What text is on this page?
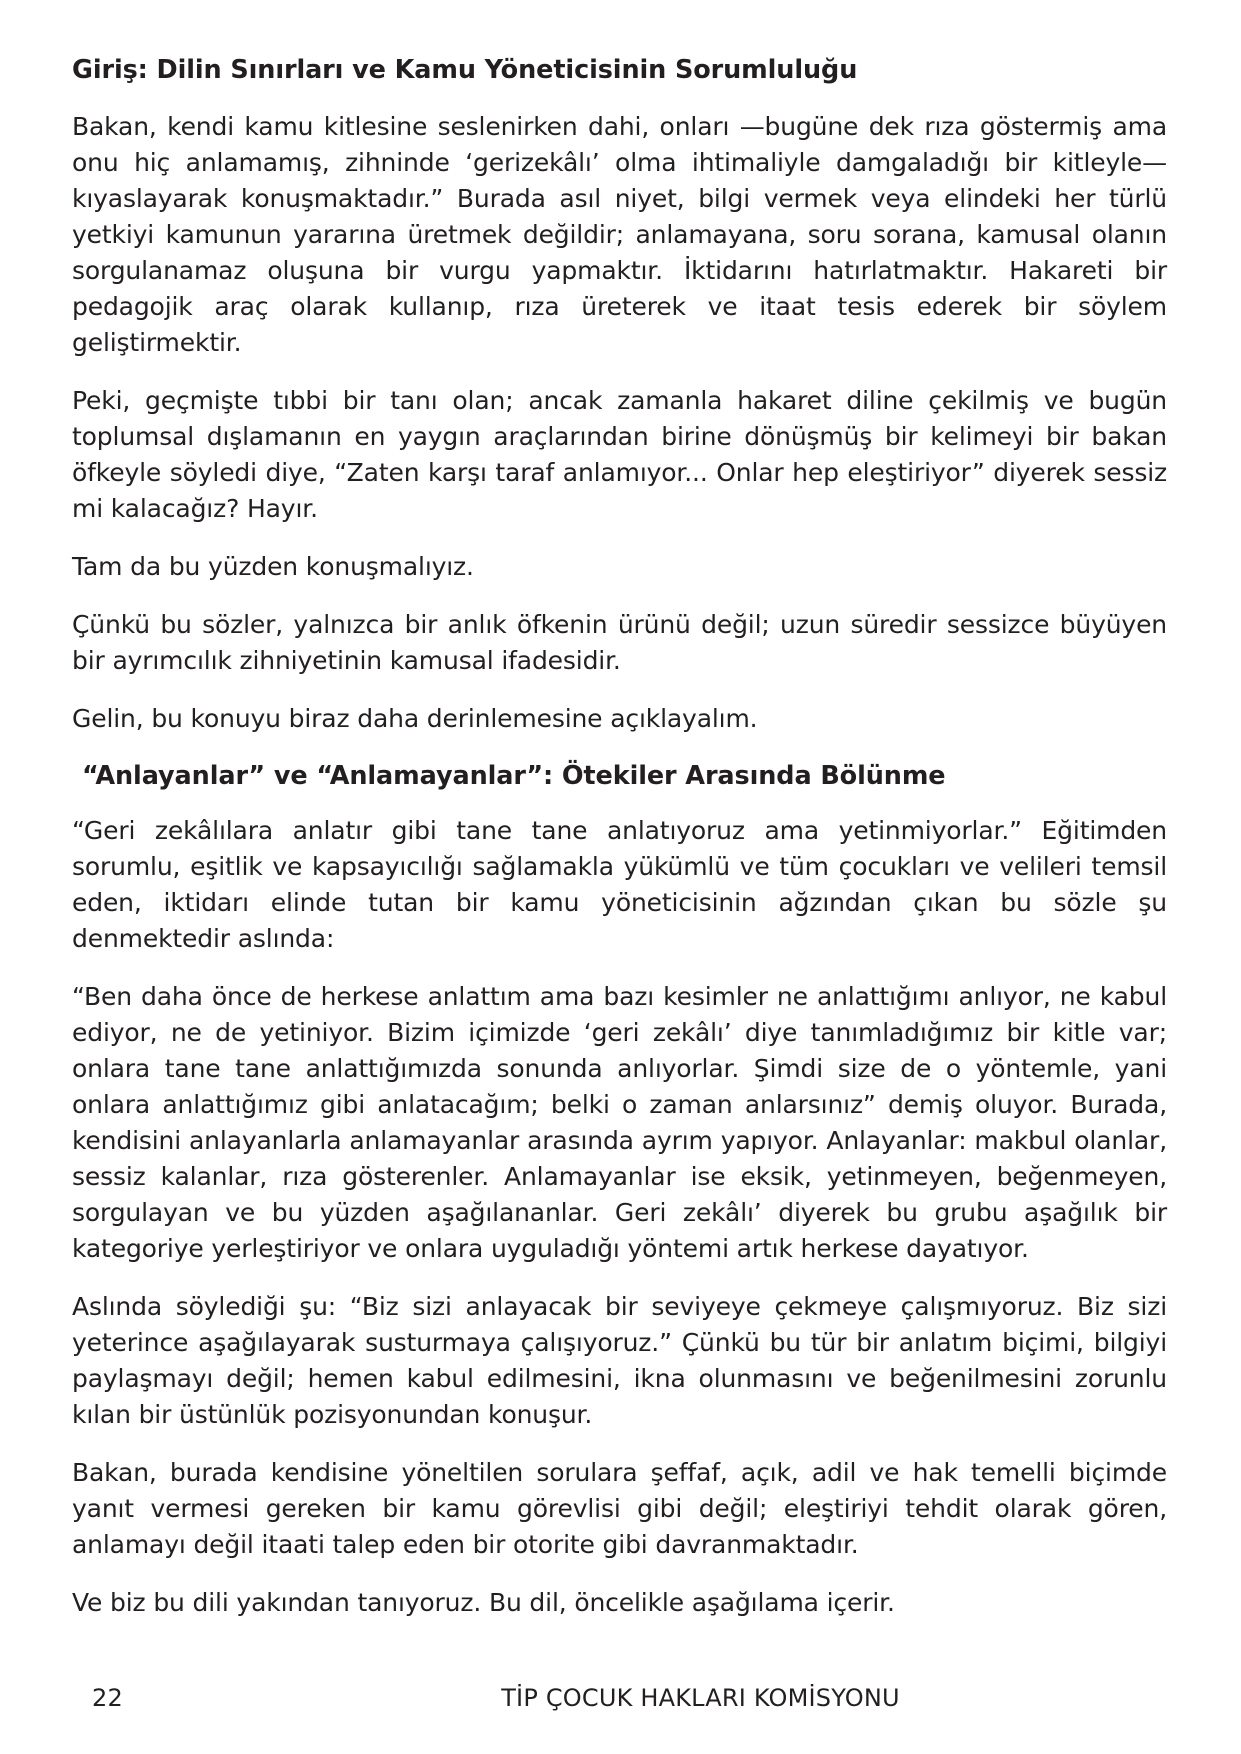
Giriş: Dilin Sınırları ve Kamu Yöneticisinin Sorumluluğu

Bakan, kendi kamu kitlesine seslenirken dahi, onları —bugüne dek rıza göstermiş ama onu hiç anlamamış, zihninde ‘gerizekâlı’ olma ihtimaliyle damgaladığı bir kitleyle— kıyaslayarak konuşmaktadır.” Burada asıl niyet, bilgi vermek veya elindeki her türlü yetkiyi kamunun yararına üretmek değildir; anlamayana, soru sorana, kamusal olanın sorgulanamaz oluşuna bir vurgu yapmaktır. İktidarını hatırlatmaktır. Hakareti bir pedagojik araç olarak kullanıp, rıza üreterek ve itaat tesis ederek bir söylem geliştirmektir.

Peki, geçmişte tıbbi bir tanı olan; ancak zamanla hakaret diline çekilmiş ve bugün toplumsal dışlamanın en yaygın araçlarından birine dönüşmüş bir kelimeyi bir bakan öfkeyle söyledi diye, “Zaten karşı taraf anlamıyor... Onlar hep eleştiriyor” diyerek sessiz mi kalacağız? Hayır.

Tam da bu yüzden konuşmalıyız.

Çünkü bu sözler, yalnızca bir anlık öfkenin ürünü değil; uzun süredir sessizce büyüyen bir ayrımcılık zihniyetinin kamusal ifadesidir.

Gelin, bu konuyu biraz daha derinlemesine açıklayalım.

“Anlayanlar” ve “Anlamayanlar”: Ötekiler Arasında Bölünme

“Geri zekâlılara anlatır gibi tane tane anlatıyoruz ama yetinmiyorlar.” Eğitimden sorumlu, eşitlik ve kapsayıcılığı sağlamakla yükümlü ve tüm çocukları ve velileri temsil eden, iktidarı elinde tutan bir kamu yöneticisinin ağzından çıkan bu sözle şu denmektedir aslında:

“Ben daha önce de herkese anlattım ama bazı kesimler ne anlattığımı anlıyor, ne kabul ediyor, ne de yetiniyor. Bizim içimizde ‘geri zekâlı’ diye tanımladığımız bir kitle var; onlara tane tane anlattığımızda sonunda anlıyorlar. Şimdi size de o yöntemle, yani onlara anlattığımız gibi anlatacağım; belki o zaman anlarsınız” demiş oluyor. Burada, kendisini anlayanlarla anlamayanlar arasında ayrım yapıyor. Anlayanlar: makbul olanlar, sessiz kalanlar, rıza gösterenler. Anlamayanlar ise eksik, yetinmeyen, beğenmeyen, sorgulayan ve bu yüzden aşağılananlar. Geri zekâlı’ diyerek bu grubu aşağılık bir kategoriye yerleştiriyor ve onlara uyguladığı yöntemi artık herkese dayatıyor.

Aslında söylediği şu: “Biz sizi anlayacak bir seviyeye çekmeye çalışmıyoruz. Biz sizi yeterince aşağılayarak susturmaya çalışıyoruz.” Çünkü bu tür bir anlatım biçimi, bilgiyi paylaşmayı değil; hemen kabul edilmesini, ikna olunmasını ve beğenilmesini zorunlu kılan bir üstünlük pozisyonundan konuşur.

Bakan, burada kendisine yöneltilen sorulara şeffaf, açık, adil ve hak temelli biçimde yanıt vermesi gereken bir kamu görevlisi gibi değil; eleştiriyi tehdit olarak gören, anlamayı değil itaati talep eden bir otorite gibi davranmaktadır.

Ve biz bu dili yakından tanıyoruz. Bu dil, öncelikle aşağılama içerir.

22	TİP ÇOCUK HAKLARI KOMİSYONU
